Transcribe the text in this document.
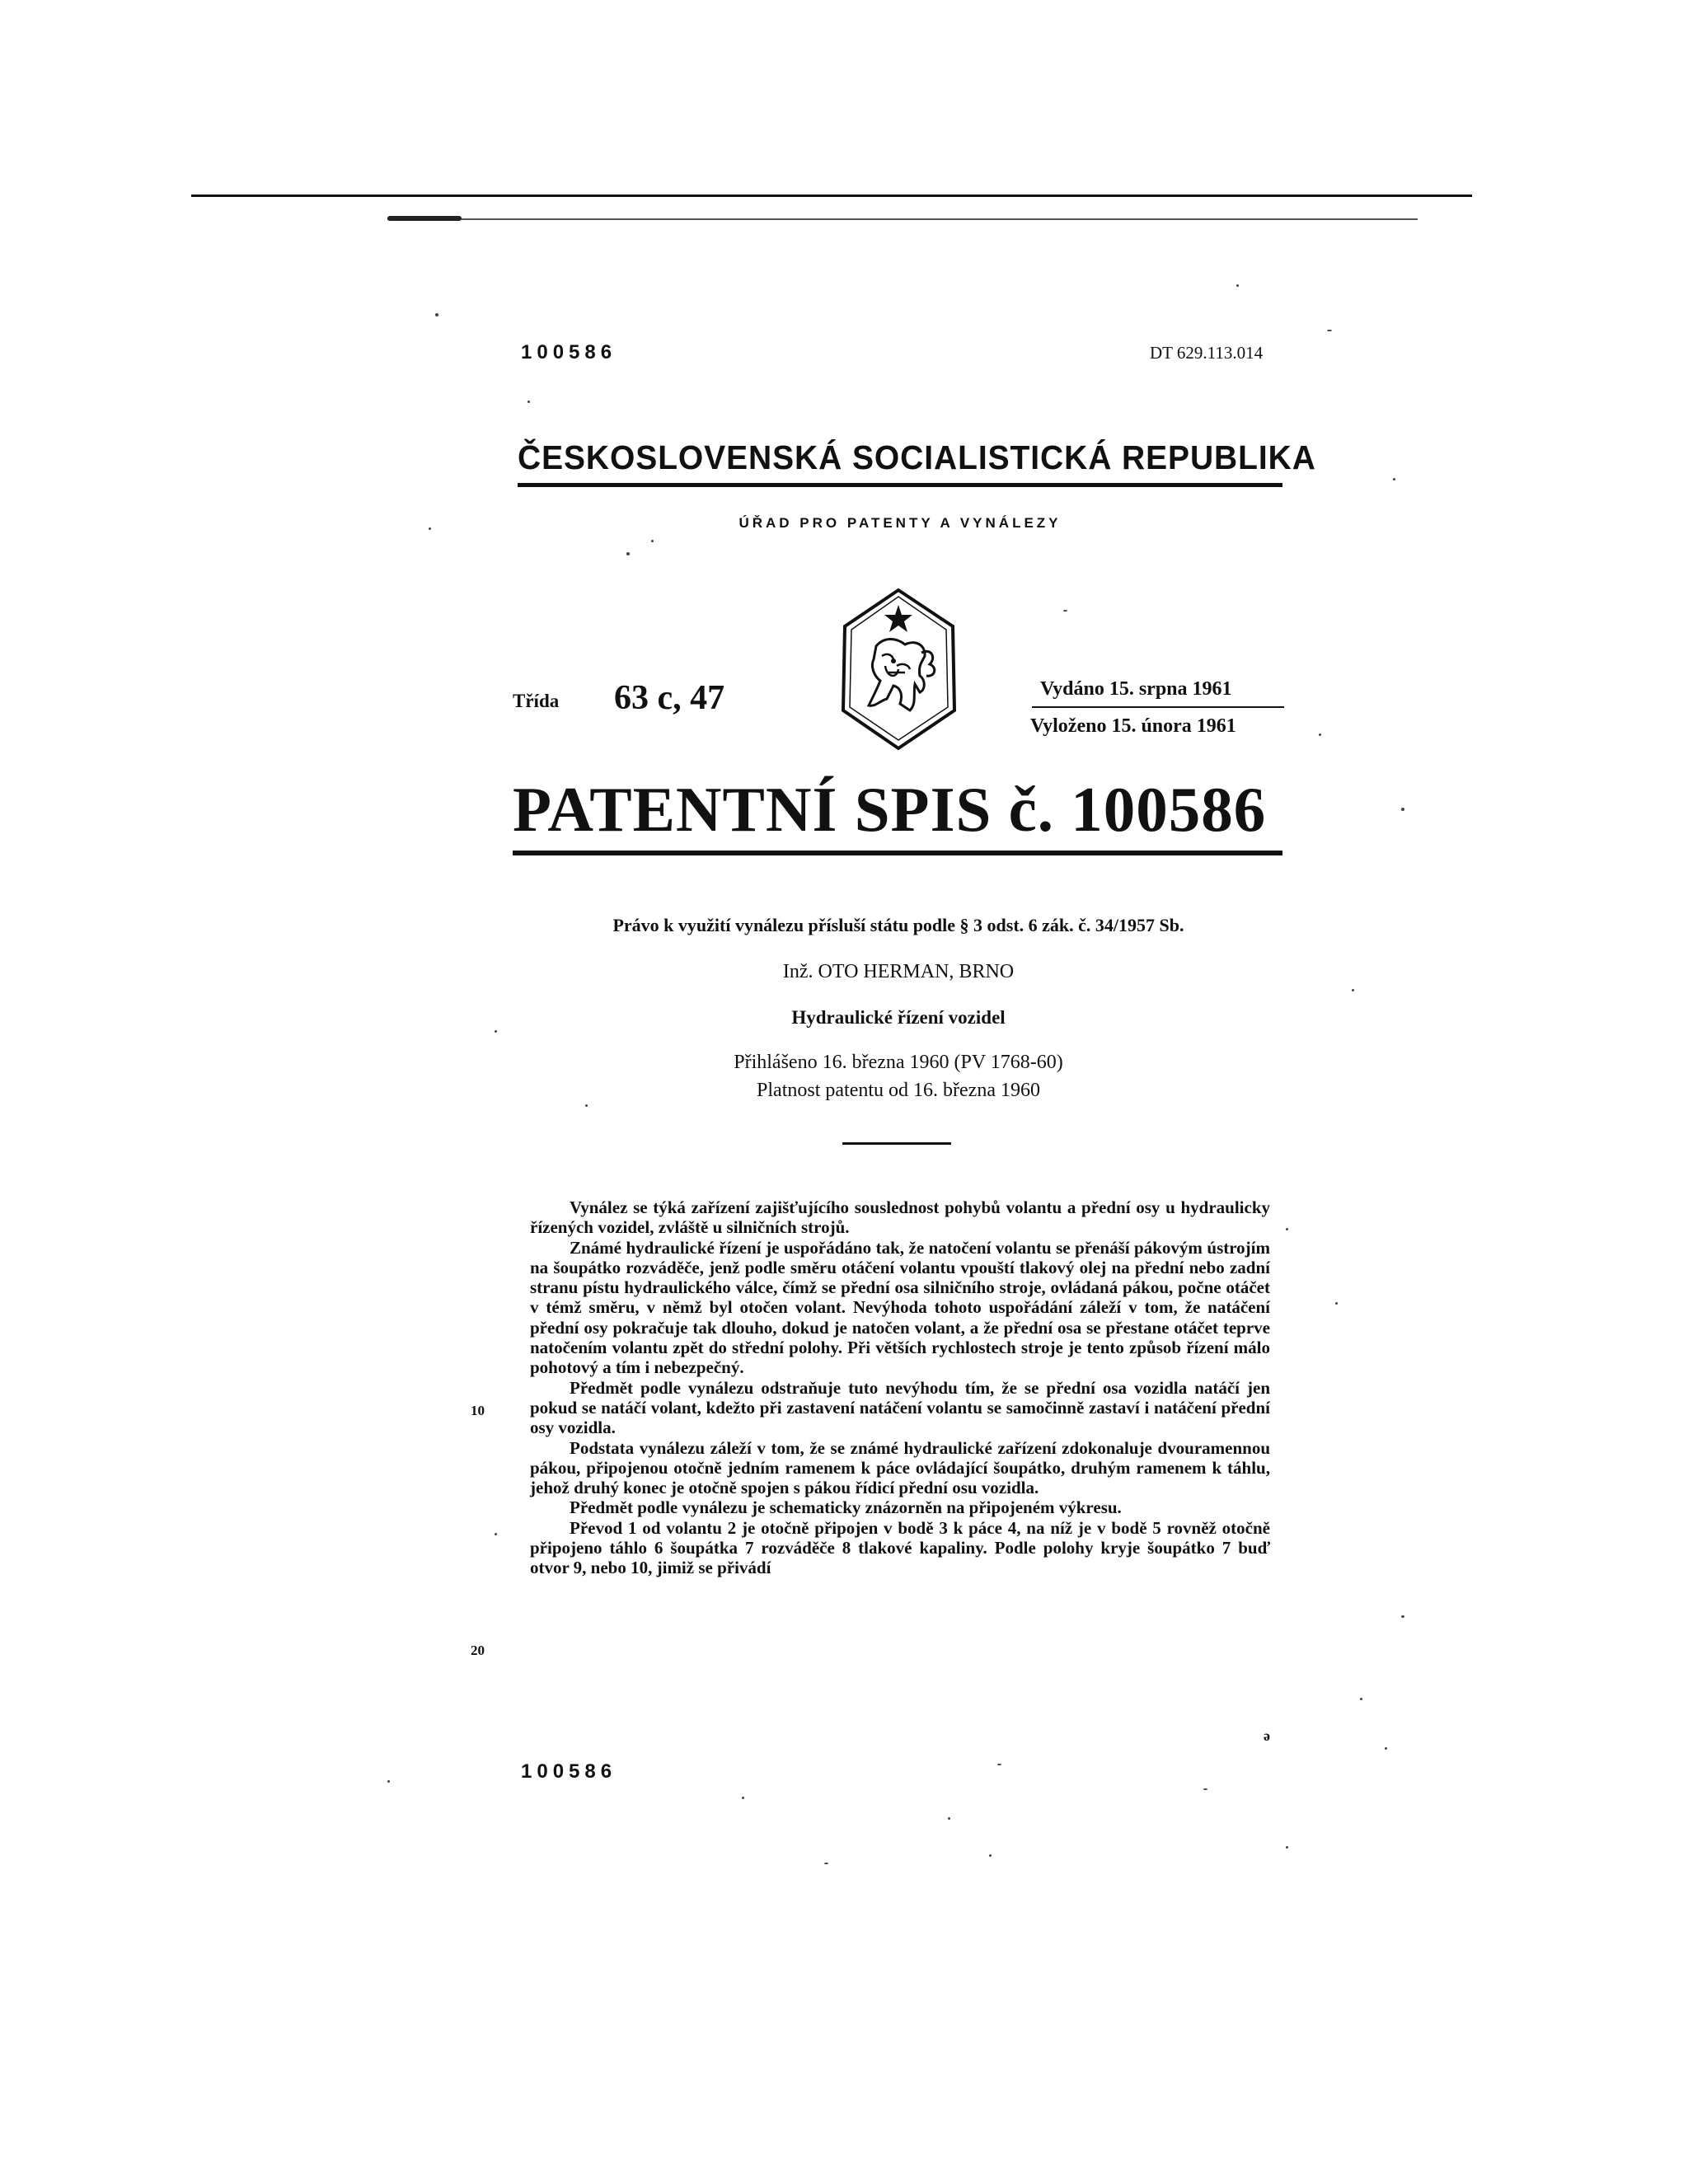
100586	DT 629.113.014
ČESKOSLOVENSKÁ SOCIALISTICKÁ REPUBLIKA
ÚŘAD PRO PATENTY A VYNÁLEZY
Třída 63 c, 47	Vydáno 15. srpna 1961
Vyloženo 15. února 1961
PATENTNÍ SPIS č. 100586
Právo k využití vynálezu přísluší státu podle § 3 odst. 6 zák. č. 34/1957 Sb.
Inž. OTO HERMAN, BRNO
Hydraulické řízení vozidel
Přihlášeno 16. března 1960 (PV 1768-60)
Platnost patentu od 16. března 1960

Vynález se týká zařízení zajišťujícího souslednost pohybů volantu a přední osy u hydraulicky řízených vozidel, zvláště u silničních strojů.

Známé hydraulické řízení je uspořádáno tak, že natočení volantu se přenáší pákovým ústrojím na šoupátko rozváděče, jenž podle směru otáčení volantu vpouští tlakový olej na přední nebo zadní stranu pístu hydraulického válce, čímž se přední osa silničního stroje, ovládaná pákou, počne otáčet v témž směru, v němž byl otočen volant. Nevýhoda tohoto uspořádání záleží v tom, že natáčení přední osy pokračuje tak dlouho, dokud je natočen volant, a že přední osa se přestane otáčet teprve natočením volantu zpět do střední polohy. Při větších rychlostech stroje je tento způsob řízení málo pohotový a tím i nebezpečný.

Předmět podle vynálezu odstraňuje tuto nevýhodu tím, že se přední osa vozidla natáčí jen pokud se natáčí volant, kdežto při zastavení natáčení volantu se samočinně zastaví i natáčení přední osy vozidla.

Podstata vynálezu záleží v tom, že se známé hydraulické zařízení zdokonaluje dvouramennou pákou, připojenou otočně jedním ramenem k páce ovládající šoupátko, druhým ramenem k táhlu, jehož druhý konec je otočně spojen s pákou řídicí přední osu vozidla.

Předmět podle vynálezu je schematicky znázorněn na připojeném výkresu.

Převod 1 od volantu 2 je otočně připojen v bodě 3 k páce 4, na níž je v bodě 5 rovněž otočně připojeno táhlo 6 šoupátka 7 rozváděče 8 tlakové kapaliny. Podle polohy kryje šoupátko 7 buď otvor 9, nebo 10, jimiž se přivádí

10
20
ə
100586
